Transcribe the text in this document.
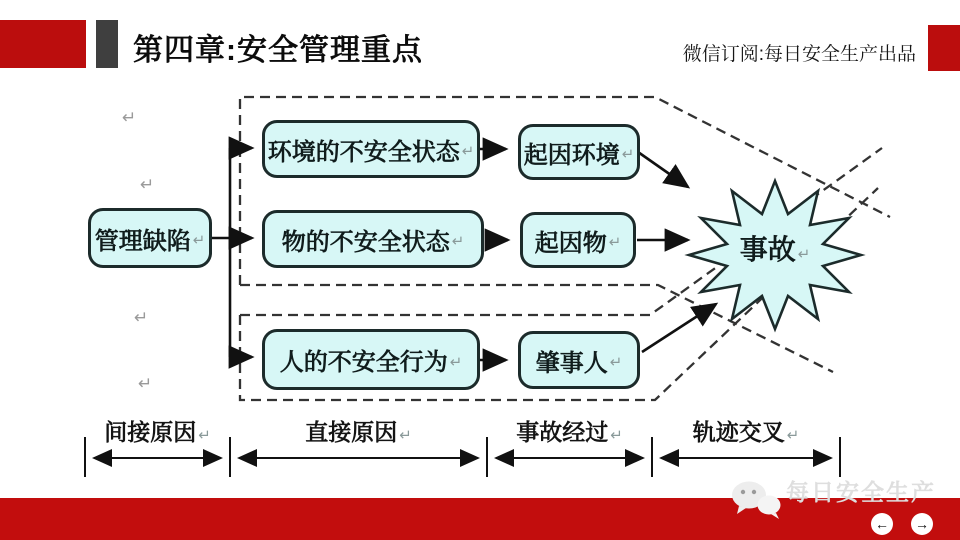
第四章:安全管理重点	微信订阅:每日安全生产出品
管理缺陷 ↵
环境的不安全状态 ↵
物的不安全状态 ↵
人的不安全行为 ↵
起因环境 ↵
起因物 ↵
肇事人 ↵
事故 ↵
↵
↵
↵
↵
间接原因 ↵	直接原因 ↵	事故经过 ↵	轨迹交叉 ↵
每日安全生产
← →
